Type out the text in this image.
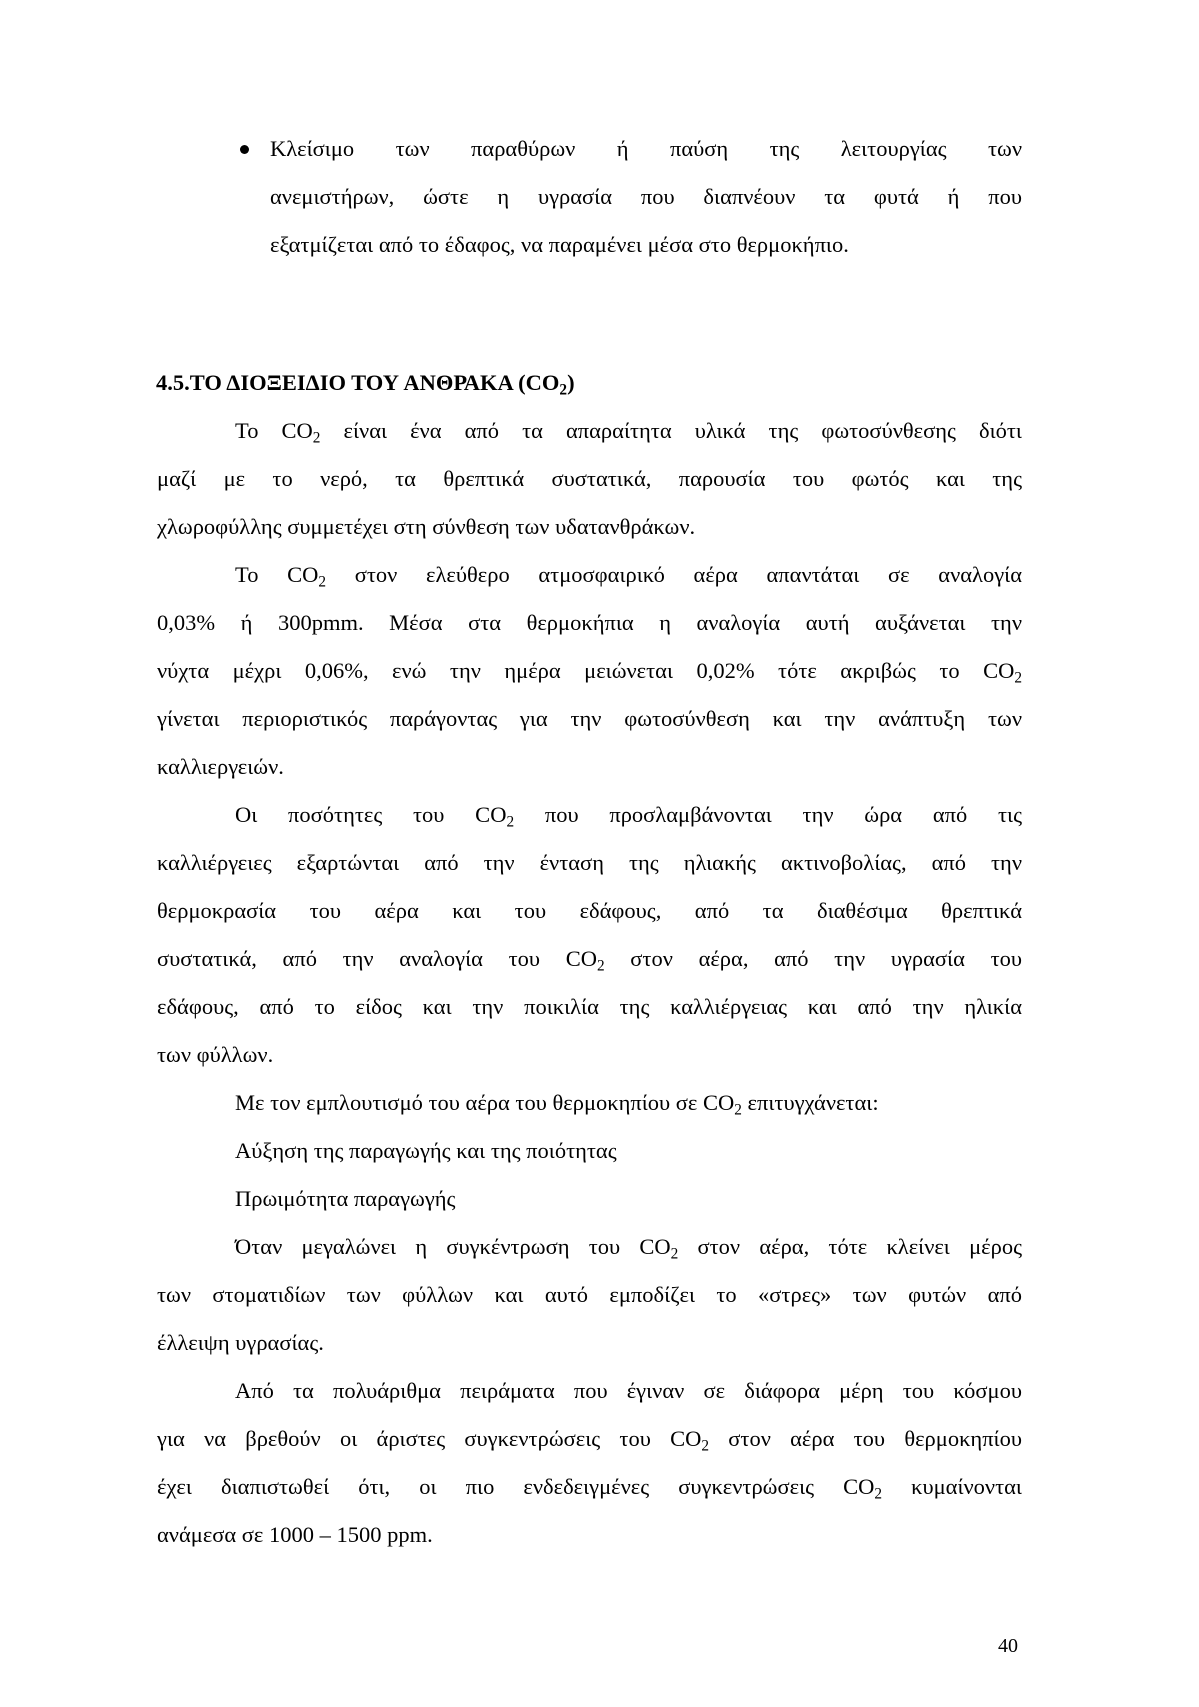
Κλείσιμο των παραθύρων ή παύση της λειτουργίας των
ανεμιστήρων, ώστε η υγρασία που διαπνέουν τα φυτά ή που
εξατμίζεται από το έδαφος, να παραμένει μέσα στο θερμοκήπιο.
4.5.ΤΟ ΔΙΟΞΕΙΔΙΟ ΤΟΥ ΑΝΘΡΑΚΑ $(CO_2)$
Το $CO_2$ είναι ένα από τα απαραίτητα υλικά της φωτοσύνθεσης διότι
μαζί με το νερό, τα θρεπτικά συστατικά, παρουσία του φωτός και της
χλωροφύλλης συμμετέχει στη σύνθεση των υδατανθράκων.
Το $CO_2$ στον ελεύθερο ατμοσφαιρικό αέρα απαντάται σε αναλογία
0,03% ή 300pmm. Μέσα στα θερμοκήπια η αναλογία αυτή αυξάνεται την
νύχτα μέχρι 0,06%, ενώ την ημέρα μειώνεται 0,02% τότε ακριβώς το $CO_2$
γίνεται περιοριστικός παράγοντας για την φωτοσύνθεση και την ανάπτυξη των
καλλιεργειών.
Οι ποσότητες του $CO_2$ που προσλαμβάνονται την ώρα από τις
καλλιέργειες εξαρτώνται από την ένταση της ηλιακής ακτινοβολίας, από την
θερμοκρασία του αέρα και του εδάφους, από τα διαθέσιμα θρεπτικά
συστατικά, από την αναλογία του $CO_2$ στον αέρα, από την υγρασία του
εδάφους, από το είδος και την ποικιλία της καλλιέργειας και από την ηλικία
των φύλλων.
Με τον εμπλουτισμό του αέρα του θερμοκηπίου σε $CO_2$ επιτυγχάνεται:
Αύξηση της παραγωγής και της ποιότητας
Πρωιμότητα παραγωγής
Όταν μεγαλώνει η συγκέντρωση του $CO_2$ στον αέρα, τότε κλείνει μέρος
των στοματιδίων των φύλλων και αυτό εμποδίζει το «στρες» των φυτών από
έλλειψη υγρασίας.
Από τα πολυάριθμα πειράματα που έγιναν σε διάφορα μέρη του κόσμου
για να βρεθούν οι άριστες συγκεντρώσεις του $CO_2$ στον αέρα του θερμοκηπίου
έχει διαπιστωθεί ότι, οι πιο ενδεδειγμένες συγκεντρώσεις $CO_2$ κυμαίνονται
ανάμεσα σε 1000 – 1500 ppm.
40
